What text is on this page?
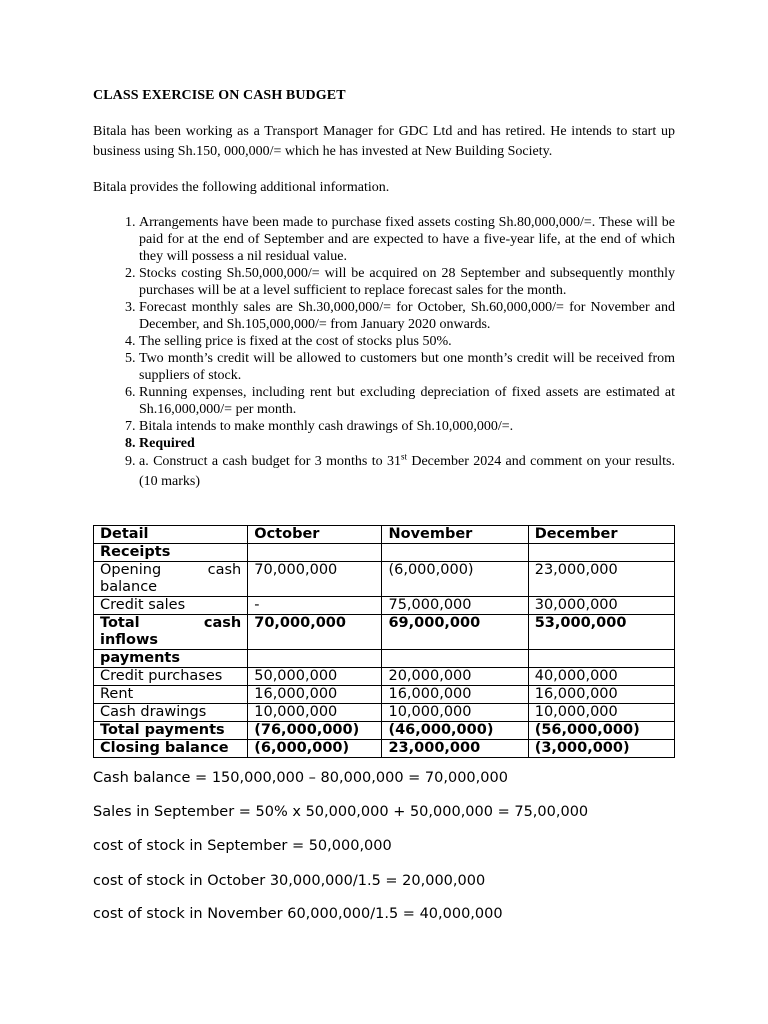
CLASS EXERCISE ON CASH BUDGET
Bitala has been working as a Transport Manager for GDC Ltd and has retired. He intends to start up business using Sh.150, 000,000/= which he has invested at New Building Society.
Bitala provides the following additional information.
1. Arrangements have been made to purchase fixed assets costing Sh.80,000,000/=. These will be paid for at the end of September and are expected to have a five-year life, at the end of which they will possess a nil residual value.
2. Stocks costing Sh.50,000,000/= will be acquired on 28 September and subsequently monthly purchases will be at a level sufficient to replace forecast sales for the month.
3. Forecast monthly sales are Sh.30,000,000/= for October, Sh.60,000,000/= for November and December, and Sh.105,000,000/= from January 2020 onwards.
4. The selling price is fixed at the cost of stocks plus 50%.
5. Two month’s credit will be allowed to customers but one month’s credit will be received from suppliers of stock.
6. Running expenses, including rent but excluding depreciation of fixed assets are estimated at Sh.16,000,000/= per month.
7. Bitala intends to make monthly cash drawings of Sh.10,000,000/=.
8. Required
9. a. Construct a cash budget for 3 months to 31st December 2024 and comment on your results. (10 marks)
Detail	October	November	December
Receipts			

Opening cash
balance	70,000,000	(6,000,000)	23,000,000
Credit sales	-	75,000,000	30,000,000

Total cash
inflows	70,000,000	69,000,000	53,000,000
payments			
Credit purchases	50,000,000	20,000,000	40,000,000
Rent	16,000,000	16,000,000	16,000,000
Cash drawings	10,000,000	10,000,000	10,000,000
Total payments	(76,000,000)	(46,000,000)	(56,000,000)
Closing balance	(6,000,000)	23,000,000	(3,000,000)
Cash balance = 150,000,000 – 80,000,000 = 70,000,000
Sales in September = 50% x 50,000,000 + 50,000,000 = 75,00,000
cost of stock in September = 50,000,000
cost of stock in October 30,000,000/1.5 = 20,000,000
cost of stock in November 60,000,000/1.5 = 40,000,000
